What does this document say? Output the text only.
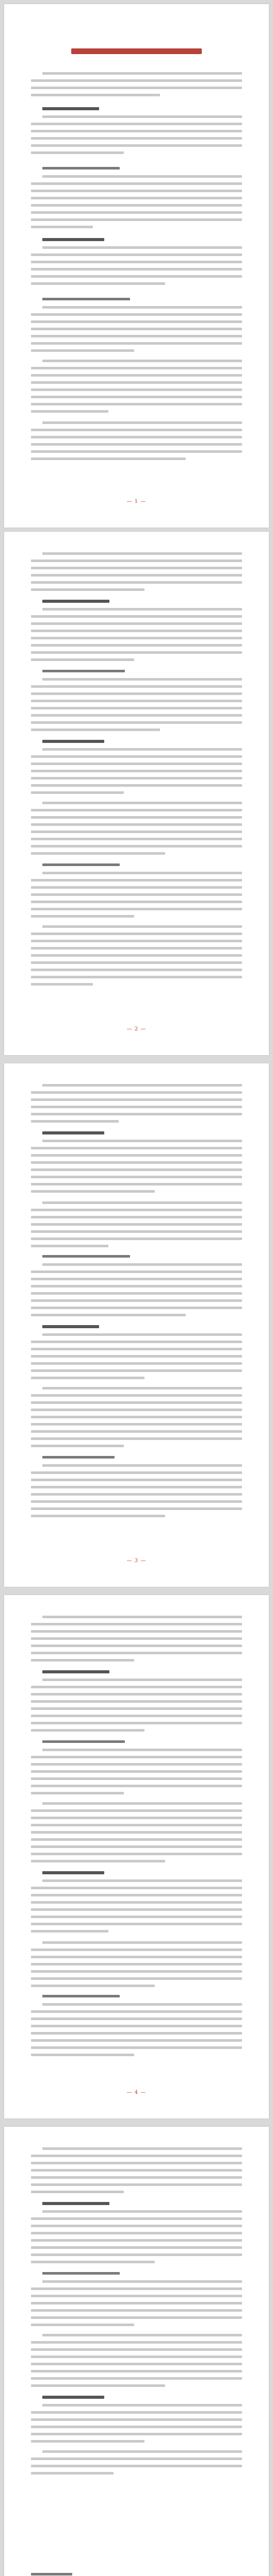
— 1 —
— 2 —
— 3 —
— 4 —
